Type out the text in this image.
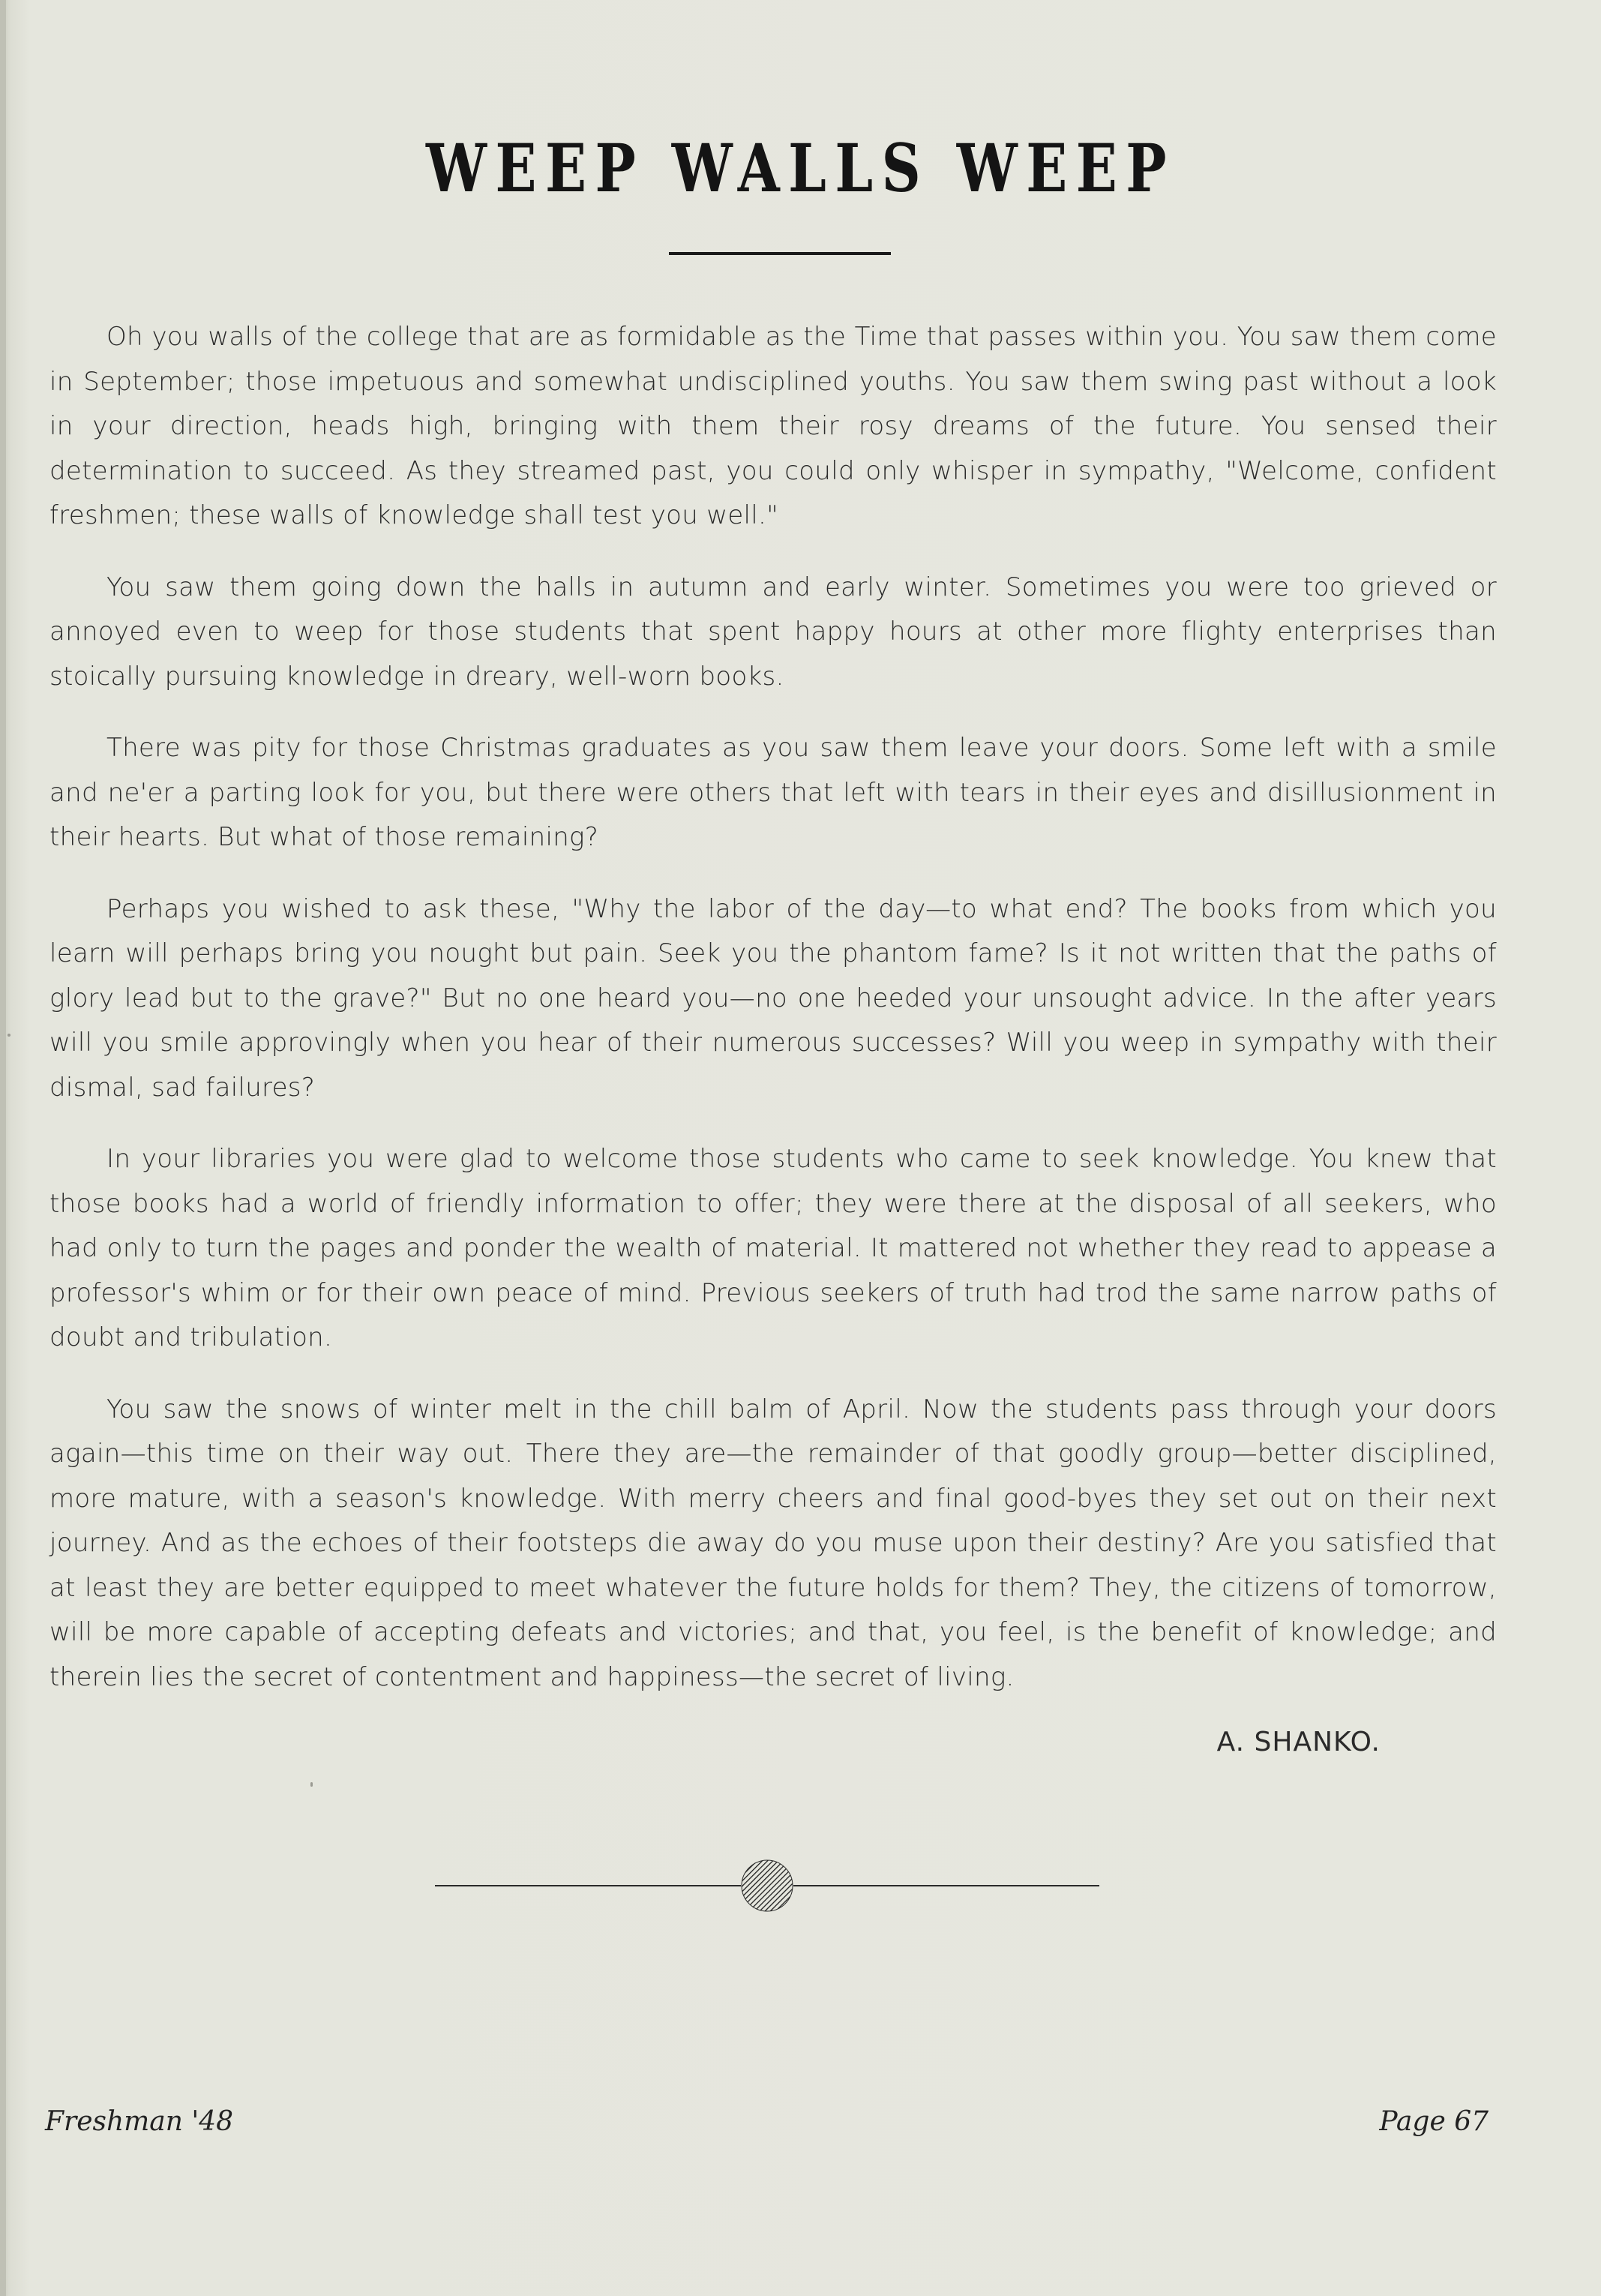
WEEP WALLS WEEP

Oh you walls of the college that are as formidable as the Time that passes within you. You saw them come in September; those impetuous and somewhat undisciplined youths. You saw them swing past without a look in your direction, heads high, bringing with them their rosy dreams of the future. You sensed their determination to succeed. As they streamed past, you could only whisper in sympathy, "Welcome, confident freshmen; these walls of knowledge shall test you well."

You saw them going down the halls in autumn and early winter. Sometimes you were too grieved or annoyed even to weep for those students that spent happy hours at other more flighty enterprises than stoically pursuing knowledge in dreary, well-worn books.

There was pity for those Christmas graduates as you saw them leave your doors. Some left with a smile and ne'er a parting look for you, but there were others that left with tears in their eyes and disillusionment in their hearts. But what of those remaining?

Perhaps you wished to ask these, "Why the labor of the day—to what end? The books from which you learn will perhaps bring you nought but pain. Seek you the phantom fame? Is it not written that the paths of glory lead but to the grave?" But no one heard you—no one heeded your unsought advice. In the after years will you smile approvingly when you hear of their numerous successes? Will you weep in sympathy with their dismal, sad failures?

In your libraries you were glad to welcome those students who came to seek knowledge. You knew that those books had a world of friendly information to offer; they were there at the disposal of all seekers, who had only to turn the pages and ponder the wealth of material. It mattered not whether they read to appease a professor's whim or for their own peace of mind. Previous seekers of truth had trod the same narrow paths of doubt and tribulation.

You saw the snows of winter melt in the chill balm of April. Now the students pass through your doors again—this time on their way out. There they are—the remainder of that goodly group—better disciplined, more mature, with a season's knowledge. With merry cheers and final good-byes they set out on their next journey. And as the echoes of their footsteps die away do you muse upon their destiny? Are you satisfied that at least they are better equipped to meet whatever the future holds for them? They, the citizens of tomorrow, will be more capable of accepting defeats and victories; and that, you feel, is the benefit of knowledge; and therein lies the secret of contentment and happiness—the secret of living.

A. SHANKO.
Freshman '48	Page 67
